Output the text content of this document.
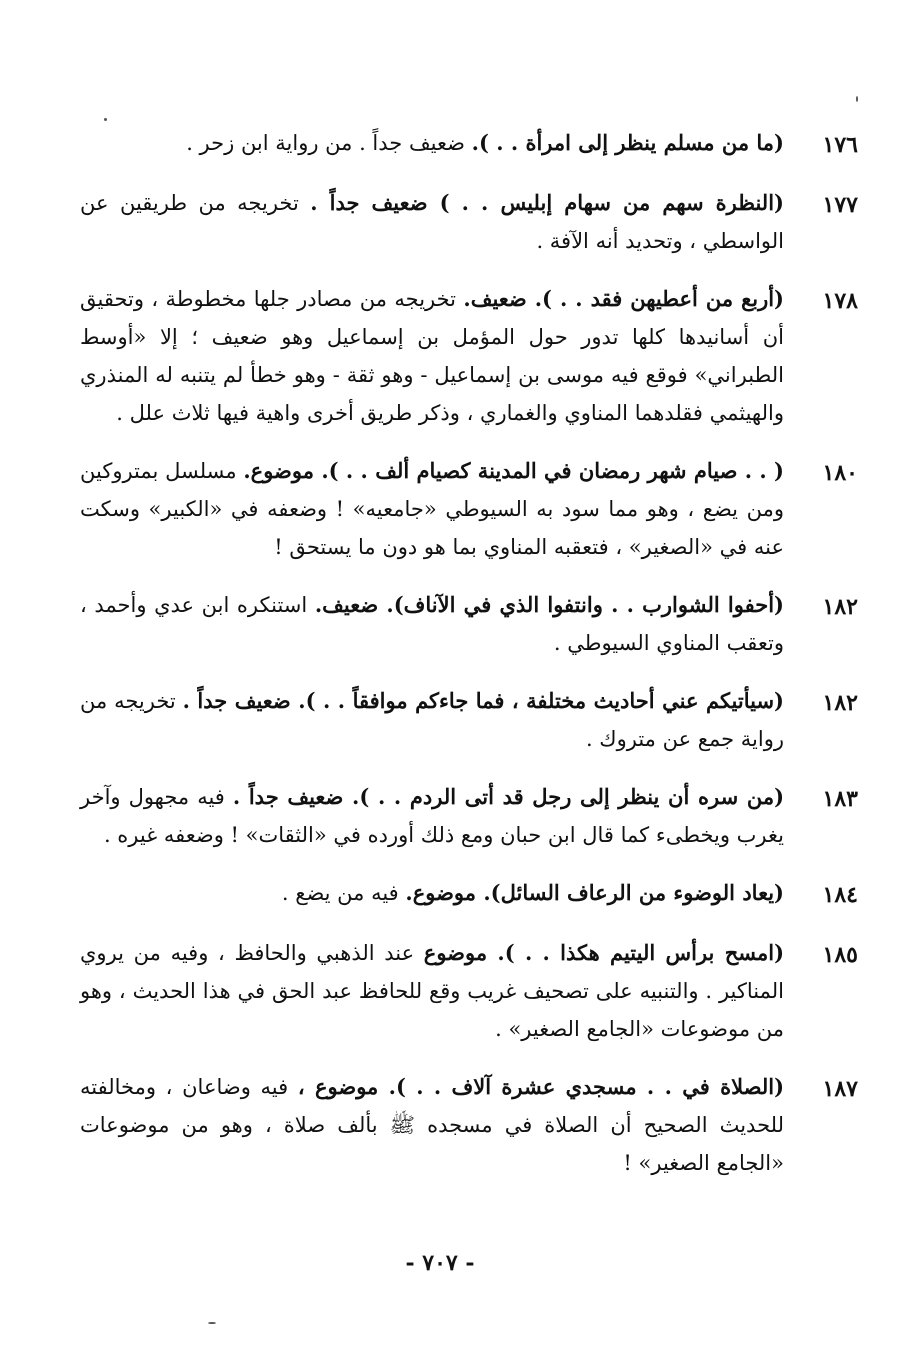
١٧٦
(ما من مسلم ينظر إلى امرأة . . ). ضعيف جداً . من رواية ابن زحر .
١٧٧
(النظرة سهم من سهام إبليس . . ) ضعيف جداً . تخريجه من طريقين عن الواسطي ، وتحديد أنه الآفة .
١٧٨
(أربع من أعطيهن فقد . . ). ضعيف. تخريجه من مصادر جلها مخطوطة ، وتحقيق أن أسانيدها كلها تدور حول المؤمل بن إسماعيل وهو ضعيف ؛ إلا «أوسط الطبراني» فوقع فيه موسى بن إسماعيل - وهو ثقة - وهو خطأ لم يتنبه له المنذري والهيثمي فقلدهما المناوي والغماري ، وذكر طريق أخرى واهية فيها ثلاث علل .
١٨٠
( . . صيام شهر رمضان في المدينة كصيام ألف . . ). موضوع. مسلسل بمتروكين ومن يضع ، وهو مما سود به السيوطي «جامعيه» ! وضعفه في «الكبير» وسكت عنه في «الصغير» ، فتعقبه المناوي بما هو دون ما يستحق !
١٨٢
(أحفوا الشوارب . . وانتفوا الذي في الآناف). ضعيف. استنكره ابن عدي وأحمد ، وتعقب المناوي السيوطي .
١٨٢
(سيأتيكم عني أحاديث مختلفة ، فما جاءكم موافقاً . . ). ضعيف جداً . تخريجه من رواية جمع عن متروك .
١٨٣
(من سره أن ينظر إلى رجل قد أتى الردم . . ). ضعيف جداً . فيه مجهول وآخر يغرب ويخطىء كما قال ابن حبان ومع ذلك أورده في «الثقات» ! وضعفه غيره .
١٨٤
(يعاد الوضوء من الرعاف السائل). موضوع. فيه من يضع .
١٨٥
(امسح برأس اليتيم هكذا . . ). موضوع عند الذهبي والحافظ ، وفيه من يروي المناكير . والتنبيه على تصحيف غريب وقع للحافظ عبد الحق في هذا الحديث ، وهو من موضوعات «الجامع الصغير» .
١٨٧
(الصلاة في . . مسجدي عشرة آلاف . . ). موضوع ، فيه وضاعان ، ومخالفته للحديث الصحيح أن الصلاة في مسجده ﷺ بألف صلاة ، وهو من موضوعات «الجامع الصغير» !
- ٧٠٧ -
